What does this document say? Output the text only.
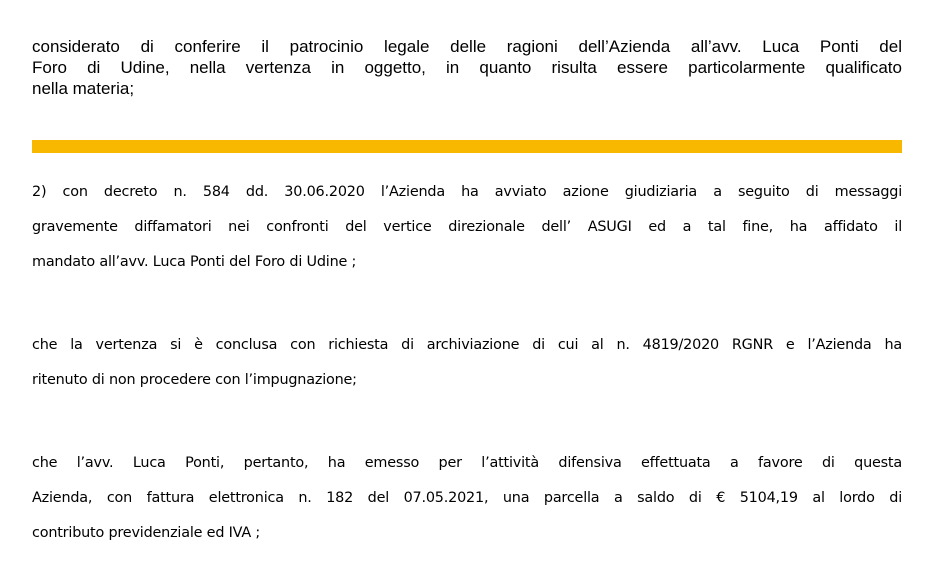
considerato di conferire il patrocinio legale delle ragioni dell’Azienda all’avv. Luca Ponti del
Foro di Udine, nella vertenza in oggetto, in quanto risulta essere particolarmente qualificato
nella materia;

2) con decreto n. 584 dd. 30.06.2020 l’Azienda ha avviato azione giudiziaria a seguito di messaggi
gravemente diffamatori nei confronti del vertice direzionale dell’ ASUGI ed a tal fine, ha affidato il
mandato all’avv. Luca Ponti del Foro di Udine ;

che la vertenza si è conclusa con richiesta di archiviazione di cui al n. 4819/2020 RGNR e l’Azienda ha
ritenuto di non procedere con l’impugnazione;

che l’avv. Luca Ponti, pertanto, ha emesso per l’attività difensiva effettuata a favore di questa
Azienda, con fattura elettronica n. 182 del 07.05.2021, una parcella a saldo di € 5104,19 al lordo di
contributo previdenziale ed IVA ;
